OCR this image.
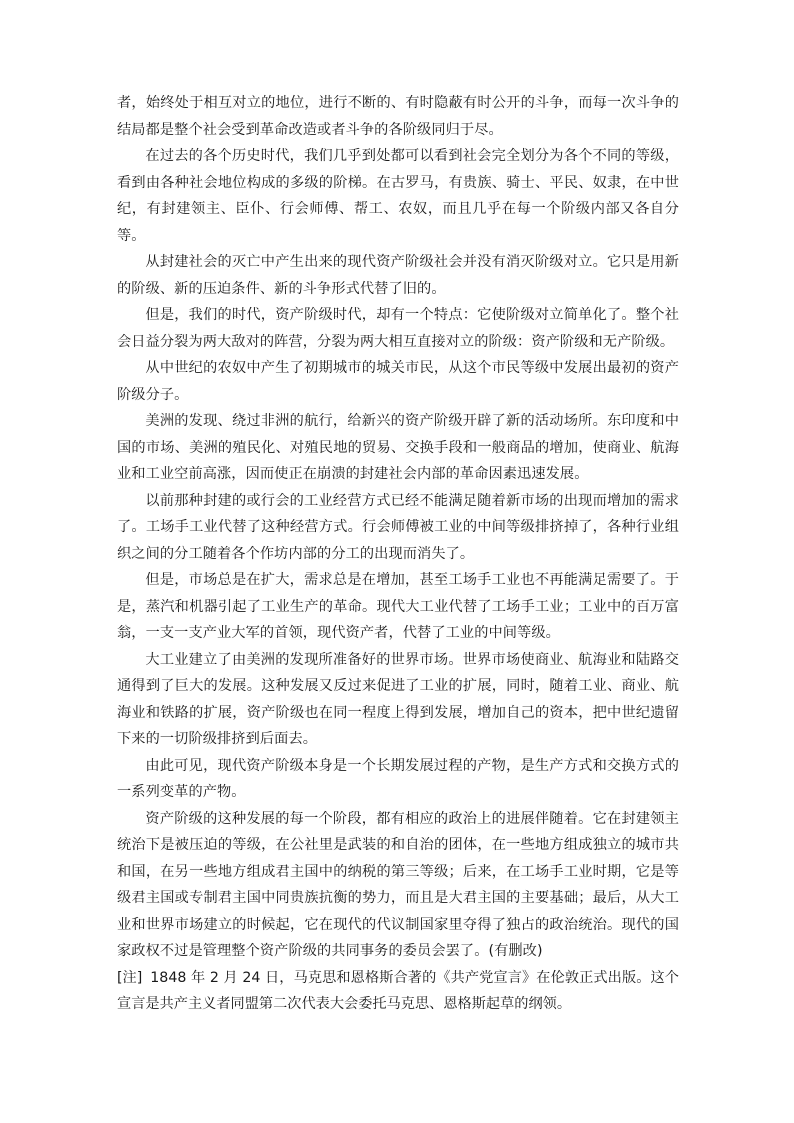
者，始终处于相互对立的地位，进行不断的、有时隐蔽有时公开的斗争，而每一次斗争的结局都是整个社会受到革命改造或者斗争的各阶级同归于尽。

在过去的各个历史时代，我们几乎到处都可以看到社会完全划分为各个不同的等级，看到由各种社会地位构成的多级的阶梯。在古罗马，有贵族、骑士、平民、奴隶，在中世纪，有封建领主、臣仆、行会师傅、帮工、农奴，而且几乎在每一个阶级内部又各自分等。

从封建社会的灭亡中产生出来的现代资产阶级社会并没有消灭阶级对立。它只是用新的阶级、新的压迫条件、新的斗争形式代替了旧的。

但是，我们的时代，资产阶级时代，却有一个特点：它使阶级对立简单化了。整个社会日益分裂为两大敌对的阵营，分裂为两大相互直接对立的阶级：资产阶级和无产阶级。

从中世纪的农奴中产生了初期城市的城关市民，从这个市民等级中发展出最初的资产阶级分子。

美洲的发现、绕过非洲的航行，给新兴的资产阶级开辟了新的活动场所。东印度和中国的市场、美洲的殖民化、对殖民地的贸易、交换手段和一般商品的增加，使商业、航海业和工业空前高涨，因而使正在崩溃的封建社会内部的革命因素迅速发展。

以前那种封建的或行会的工业经营方式已经不能满足随着新市场的出现而增加的需求了。工场手工业代替了这种经营方式。行会师傅被工业的中间等级排挤掉了，各种行业组织之间的分工随着各个作坊内部的分工的出现而消失了。

但是，市场总是在扩大，需求总是在增加，甚至工场手工业也不再能满足需要了。于是，蒸汽和机器引起了工业生产的革命。现代大工业代替了工场手工业；工业中的百万富翁，一支一支产业大军的首领，现代资产者，代替了工业的中间等级。

大工业建立了由美洲的发现所准备好的世界市场。世界市场使商业、航海业和陆路交通得到了巨大的发展。这种发展又反过来促进了工业的扩展，同时，随着工业、商业、航海业和铁路的扩展，资产阶级也在同一程度上得到发展，增加自己的资本，把中世纪遗留下来的一切阶级排挤到后面去。

由此可见，现代资产阶级本身是一个长期发展过程的产物，是生产方式和交换方式的一系列变革的产物。

资产阶级的这种发展的每一个阶段，都有相应的政治上的进展伴随着。它在封建领主统治下是被压迫的等级，在公社里是武装的和自治的团体，在一些地方组成独立的城市共和国，在另一些地方组成君主国中的纳税的第三等级；后来，在工场手工业时期，它是等级君主国或专制君主国中同贵族抗衡的势力，而且是大君主国的主要基础；最后，从大工业和世界市场建立的时候起，它在现代的代议制国家里夺得了独占的政治统治。现代的国家政权不过是管理整个资产阶级的共同事务的委员会罢了。(有删改)

[注] 1848 年 2 月 24 日，马克思和恩格斯合著的《共产党宣言》在伦敦正式出版。这个宣言是共产主义者同盟第二次代表大会委托马克思、恩格斯起草的纲领。
